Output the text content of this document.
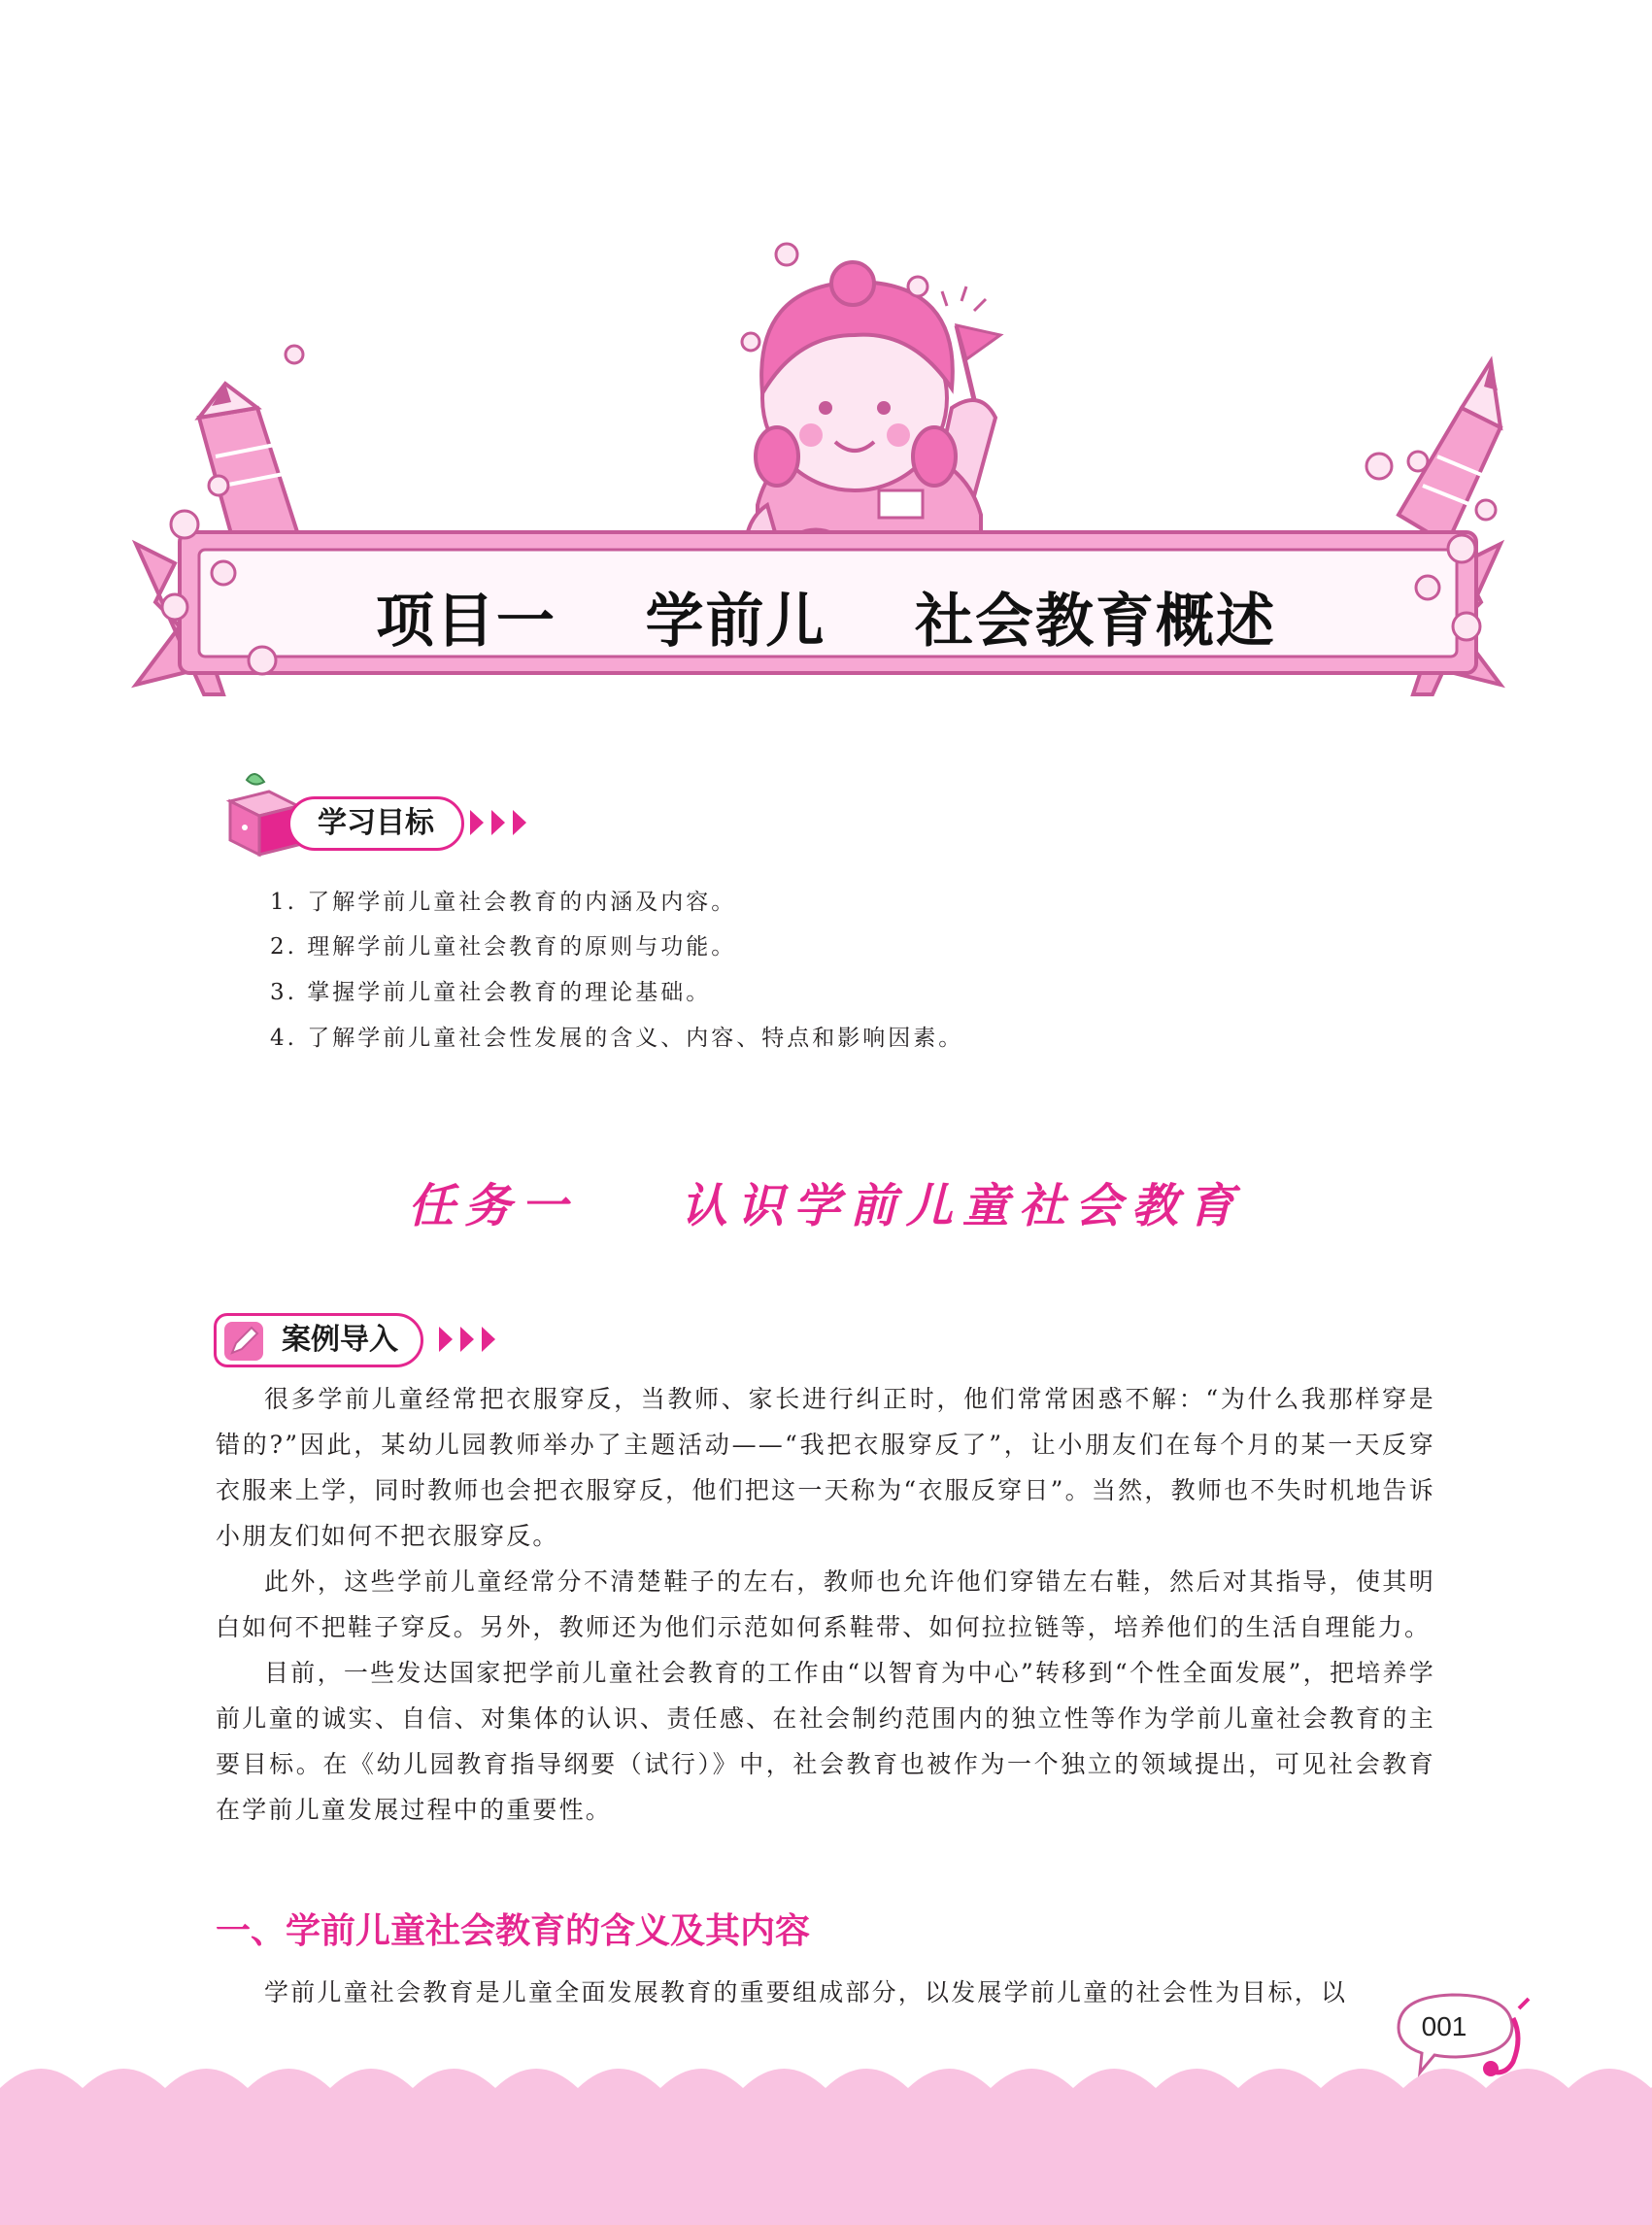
项目一    学前儿    社会教育概述
学习目标
1. 了解学前儿童社会教育的内涵及内容。
2. 理解学前儿童社会教育的原则与功能。
3. 掌握学前儿童社会教育的理论基础。
4. 了解学前儿童社会性发展的含义、内容、特点和影响因素。
任务一    认识学前儿童社会教育
案例导入

很多学前儿童经常把衣服穿反，当教师、家长进行纠正时，他们常常困惑不解：“为什么我那样穿是错的?”因此，某幼儿园教师举办了主题活动——“我把衣服穿反了”，让小朋友们在每个月的某一天反穿衣服来上学，同时教师也会把衣服穿反，他们把这一天称为“衣服反穿日”。当然，教师也不失时机地告诉小朋友们如何不把衣服穿反。

此外，这些学前儿童经常分不清楚鞋子的左右，教师也允许他们穿错左右鞋，然后对其指导，使其明白如何不把鞋子穿反。另外，教师还为他们示范如何系鞋带、如何拉拉链等，培养他们的生活自理能力。

目前，一些发达国家把学前儿童社会教育的工作由“以智育为中心”转移到“个性全面发展”，把培养学前儿童的诚实、自信、对集体的认识、责任感、在社会制约范围内的独立性等作为学前儿童社会教育的主要目标。在《幼儿园教育指导纲要（试行）》中，社会教育也被作为一个独立的领域提出，可见社会教育在学前儿童发展过程中的重要性。

一、学前儿童社会教育的含义及其内容

学前儿童社会教育是儿童全面发展教育的重要组成部分，以发展学前儿童的社会性为目标，以

001
